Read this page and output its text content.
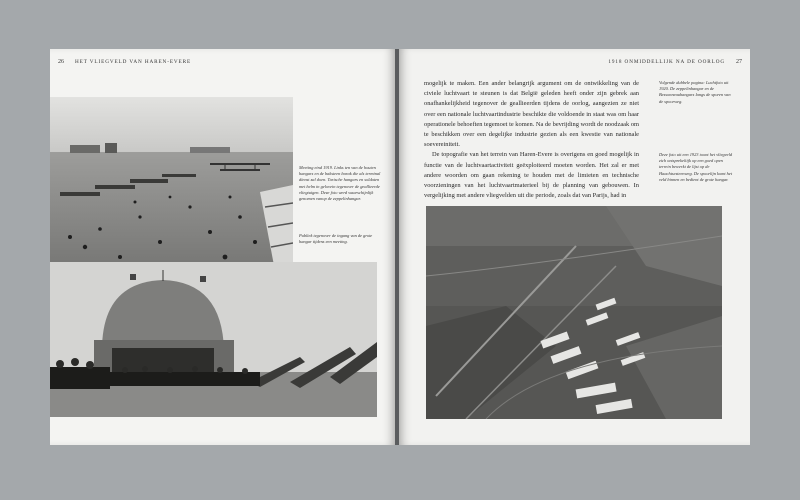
26 HET VLIEGVELD VAN HAREN-EVERE
Meeting eind 1919. Links ten van de houten hangars en de baksteen barak die als terminal dienst zal doen. Tarische hangars en soldaten met helm in gelovein tegenover de geallieerde vliegtuigen. Deze foto werd waarschijnlijk genomen vanop de zeppelinhangar.
Publiek tegenover de ingang van de grote hangar tijdens een meeting.
1918 ONMIDDELLIJK NA DE OORLOG 27

mogelijk te maken. Een ander belangrijk argument om de ontwikkeling van de civiele luchtvaart te steunen is dat België geleden heeft onder zijn gebrek aan onafhankelijkheid tegenover de geallieerden tijdens de oorlog, aangezien ze niet over een nationale luchtvaartindustrie beschikte die voldoende in staat was om haar operationele behoeften tegemoet te komen. Na de bevrijding wordt de noodzaak om te beschikken over een degelijke industrie gezien als een kwestie van nationale soevereiniteit.

De topografie van het terrein van Haren-Evere is overigens en goed mogelijk in functie van de luchtvaartactiviteit geëxploiteerd moeten worden. Het zal er met andere woorden om gaan rekening te houden met de limieten en technische voorzieningen van het luchtvaartmaterieel bij de planning van gebouwen. In vergelijking met andere vliegvelden uit die periode, zoals dat van Parijs, had in

Volgende dubbele pagina: Luchtfoto uit 1920. De zeppelinhangar en de Bessonneauhangars langs de sporen van de spoorweg.
Deze foto uit een 1923 toont het vliegveld zich ontsprekeltijk op een goed open terrein bewerkt de lijst op de Haachtsesteenweg. De spoorlijn komt het veld binnen en bedient de grote hangar.
